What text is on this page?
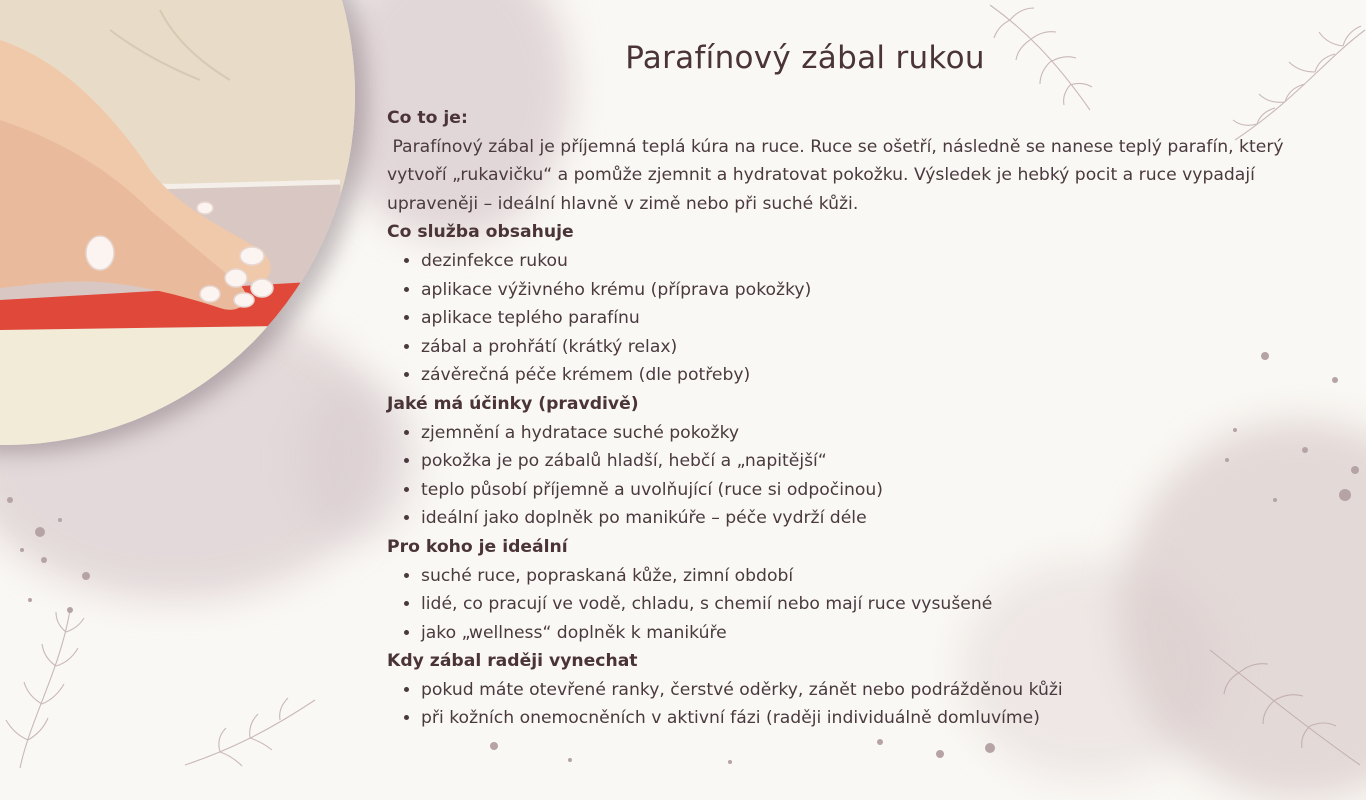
Parafínový zábal rukou
Co to je:

Parafínový zábal je příjemná teplá kúra na ruce. Ruce se ošetří, následně se nanese teplý parafín, který vytvoří „rukavičku“ a pomůže zjemnit a hydratovat pokožku. Výsledek je hebký pocit a ruce vypadají upraveněji – ideální hlavně v zimě nebo při suché kůži.

Co služba obsahuje
• dezinfekce rukou
• aplikace výživného krému (příprava pokožky)
• aplikace teplého parafínu
• zábal a prohřátí (krátký relax)
• závěrečná péče krémem (dle potřeby)
Jaké má účinky (pravdivě)
• zjemnění a hydratace suché pokožky
• pokožka je po zábalů hladší, hebčí a „napitější“
• teplo působí příjemně a uvolňující (ruce si odpočinou)
• ideální jako doplněk po manikúře – péče vydrží déle
Pro koho je ideální
• suché ruce, popraskaná kůže, zimní období
• lidé, co pracují ve vodě, chladu, s chemií nebo mají ruce vysušené
• jako „wellness“ doplněk k manikúře
Kdy zábal raději vynechat
• pokud máte otevřené ranky, čerstvé oděrky, zánět nebo podrážděnou kůži
• při kožních onemocněních v aktivní fázi (raději individuálně domluvíme)
